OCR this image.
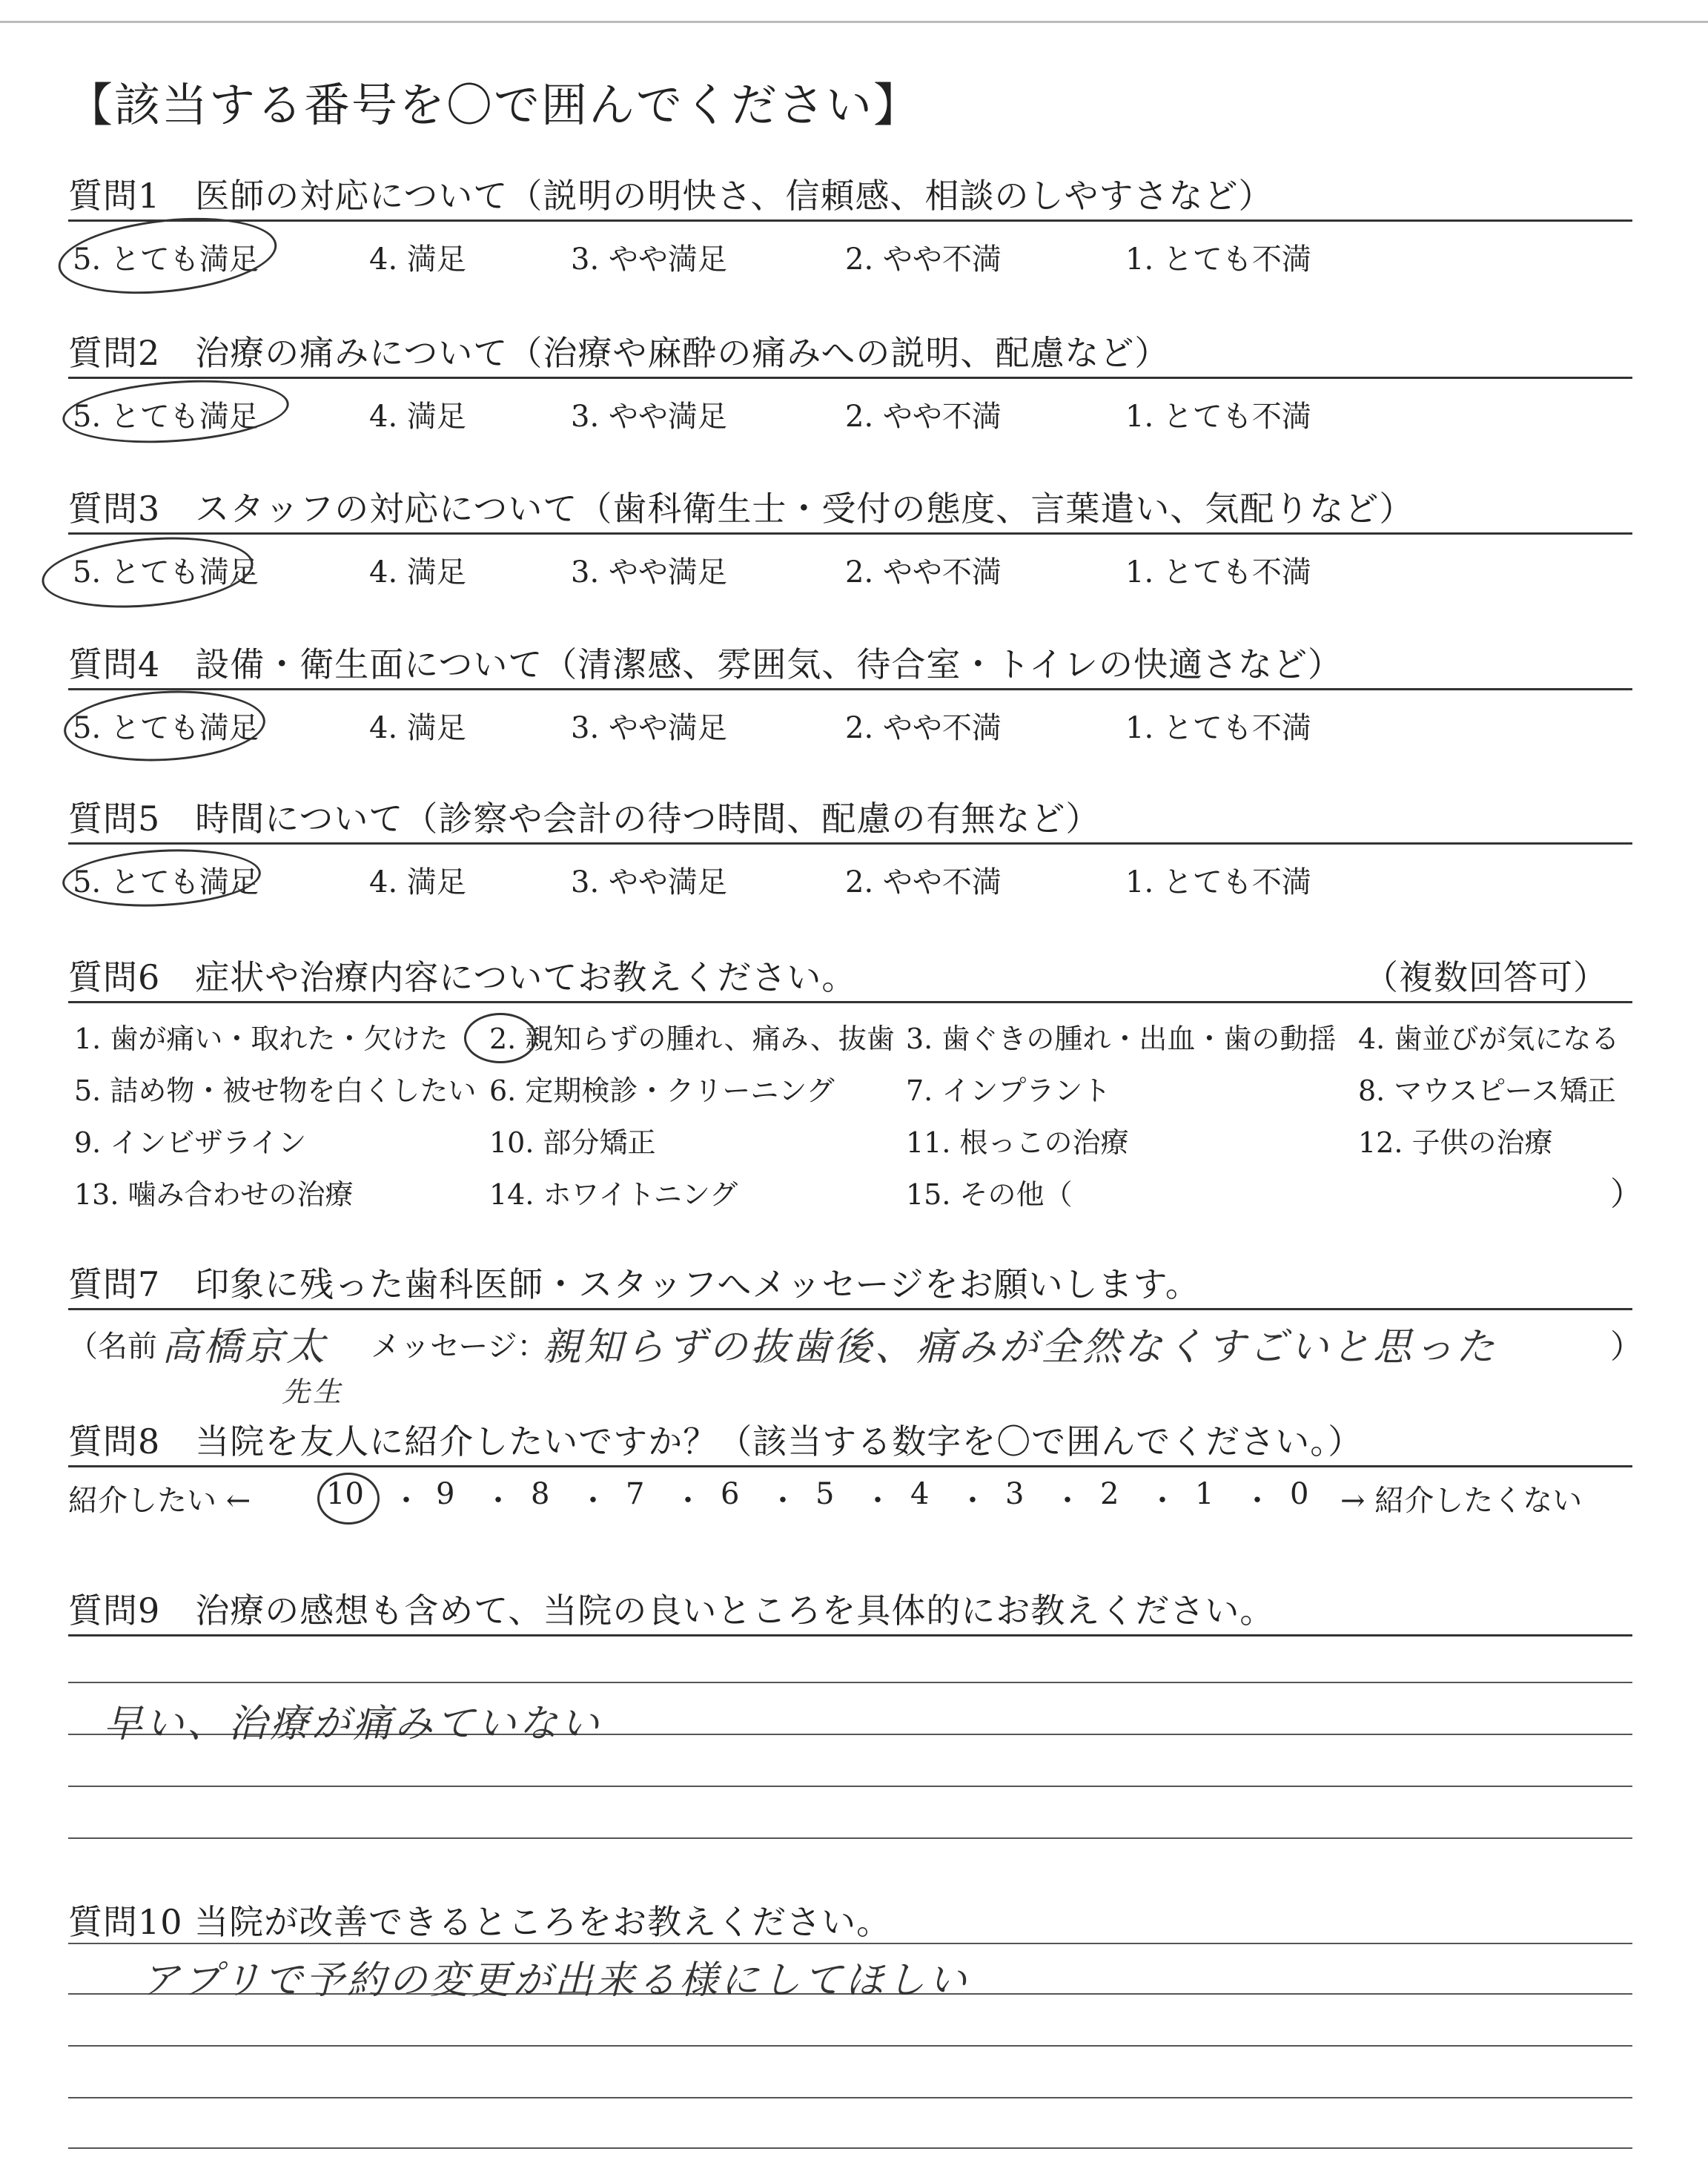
【該当する番号を〇で囲んでください】
質問1　医師の対応について（説明の明快さ、信頼感、相談のしやすさなど）
5. とても満足	4. 満足	3. やや満足	2. やや不満	1. とても不満
質問2　治療の痛みについて（治療や麻酔の痛みへの説明、配慮など）
5. とても満足	4. 満足	3. やや満足	2. やや不満	1. とても不満
質問3　スタッフの対応について（歯科衛生士・受付の態度、言葉遣い、気配りなど）
5. とても満足	4. 満足	3. やや満足	2. やや不満	1. とても不満
質問4　設備・衛生面について（清潔感、雰囲気、待合室・トイレの快適さなど）
5. とても満足	4. 満足	3. やや満足	2. やや不満	1. とても不満
質問5　時間について（診察や会計の待つ時間、配慮の有無など）
5. とても満足	4. 満足	3. やや満足	2. やや不満	1. とても不満
質問6　症状や治療内容についてお教えください。	（複数回答可）
1. 歯が痛い・取れた・欠けた 2. 親知らずの腫れ、痛み、抜歯 3. 歯ぐきの腫れ・出血・歯の動揺 4. 歯並びが気になる
5. 詰め物・被せ物を白くしたい 6. 定期検診・クリーニング	7. インプラント	8. マウスピース矯正
9. インビザライン	10. 部分矯正	11. 根っこの治療	12. 子供の治療
13. 噛み合わせの治療	14. ホワイトニング	15. その他（	）
質問7　印象に残った歯科医師・スタッフへメッセージをお願いします。
（名前 高橋京太
先生
メッセージ：
親知らずの抜歯後、痛みが全然なくすごいと思った	）
質問8　当院を友人に紹介したいですか？（該当する数字を〇で囲んでください。）
紹介したい ←	→ 紹介したくない
10 ・ 9 ・ 8 ・ 7 ・ 6 ・ 5 ・ 4 ・ 3 ・ 2 ・ 1 ・ 0
質問9　治療の感想も含めて、当院の良いところを具体的にお教えください。
早い、治療が痛みていない
質問10 当院が改善できるところをお教えください。
アプリで予約の変更が出来る様にしてほしい
